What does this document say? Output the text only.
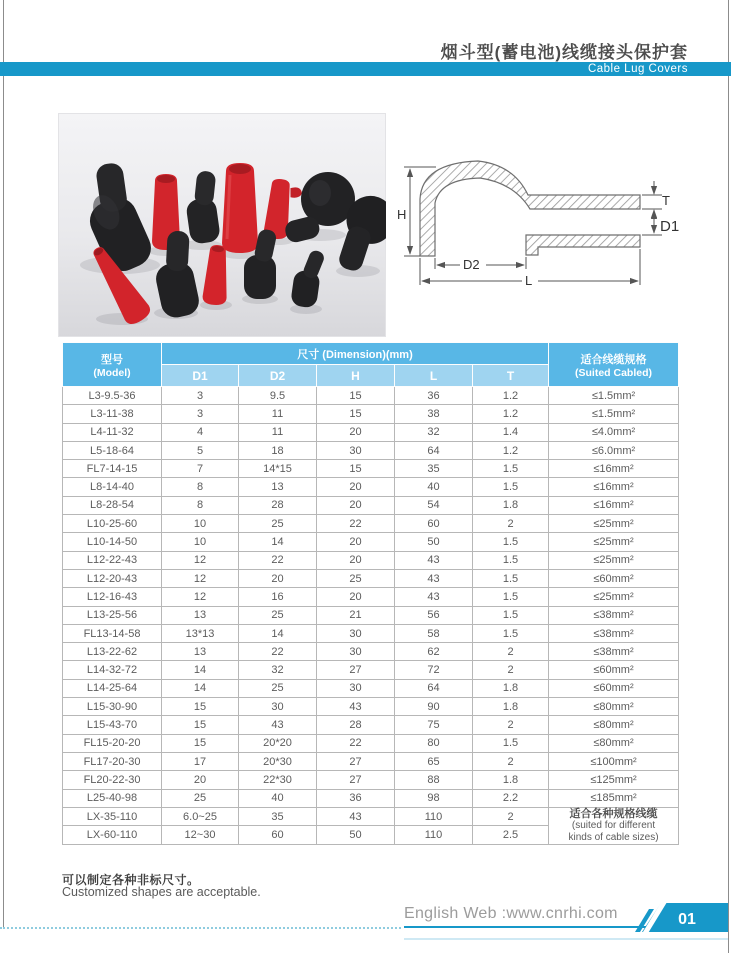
烟斗型(蓄电池)线缆接头保护套
Cable Lug Covers
H
D2
L
T
D1
型号
(Model)
	尺寸 (Dimension)(mm)	适合线缆规格
(Suited Cabled)

	D1	D2	H	L	T	
L3-9.5-36	3	9.5	15	36	1.2	≤1.5mm²
L3-11-38	3	11	15	38	1.2	≤1.5mm²
L4-11-32	4	11	20	32	1.4	≤4.0mm²
L5-18-64	5	18	30	64	1.2	≤6.0mm²
FL7-14-15	7	14*15	15	35	1.5	≤16mm²
L8-14-40	8	13	20	40	1.5	≤16mm²
L8-28-54	8	28	20	54	1.8	≤16mm²
L10-25-60	10	25	22	60	2	≤25mm²
L10-14-50	10	14	20	50	1.5	≤25mm²
L12-22-43	12	22	20	43	1.5	≤25mm²
L12-20-43	12	20	25	43	1.5	≤60mm²
L12-16-43	12	16	20	43	1.5	≤25mm²
L13-25-56	13	25	21	56	1.5	≤38mm²
FL13-14-58	13*13	14	30	58	1.5	≤38mm²
L13-22-62	13	22	30	62	2	≤38mm²
L14-32-72	14	32	27	72	2	≤60mm²
L14-25-64	14	25	30	64	1.8	≤60mm²
L15-30-90	15	30	43	90	1.8	≤80mm²
L15-43-70	15	43	28	75	2	≤80mm²
FL15-20-20	15	20*20	22	80	1.5	≤80mm²
FL17-20-30	17	20*30	27	65	2	≤100mm²
FL20-22-30	20	22*30	27	88	1.8	≤125mm²
L25-40-98	25	40	36	98	2.2	≤185mm²
LX-35-110	6.0~25	35	43	110	2	适合各种规格线缆
(suited for different
kinds of cable sizes)

LX-60-110	12~30	60	50	110	2.5	
可以制定各种非标尺寸。
Customized shapes are acceptable.
English Web :www.cnrhi.com	01
